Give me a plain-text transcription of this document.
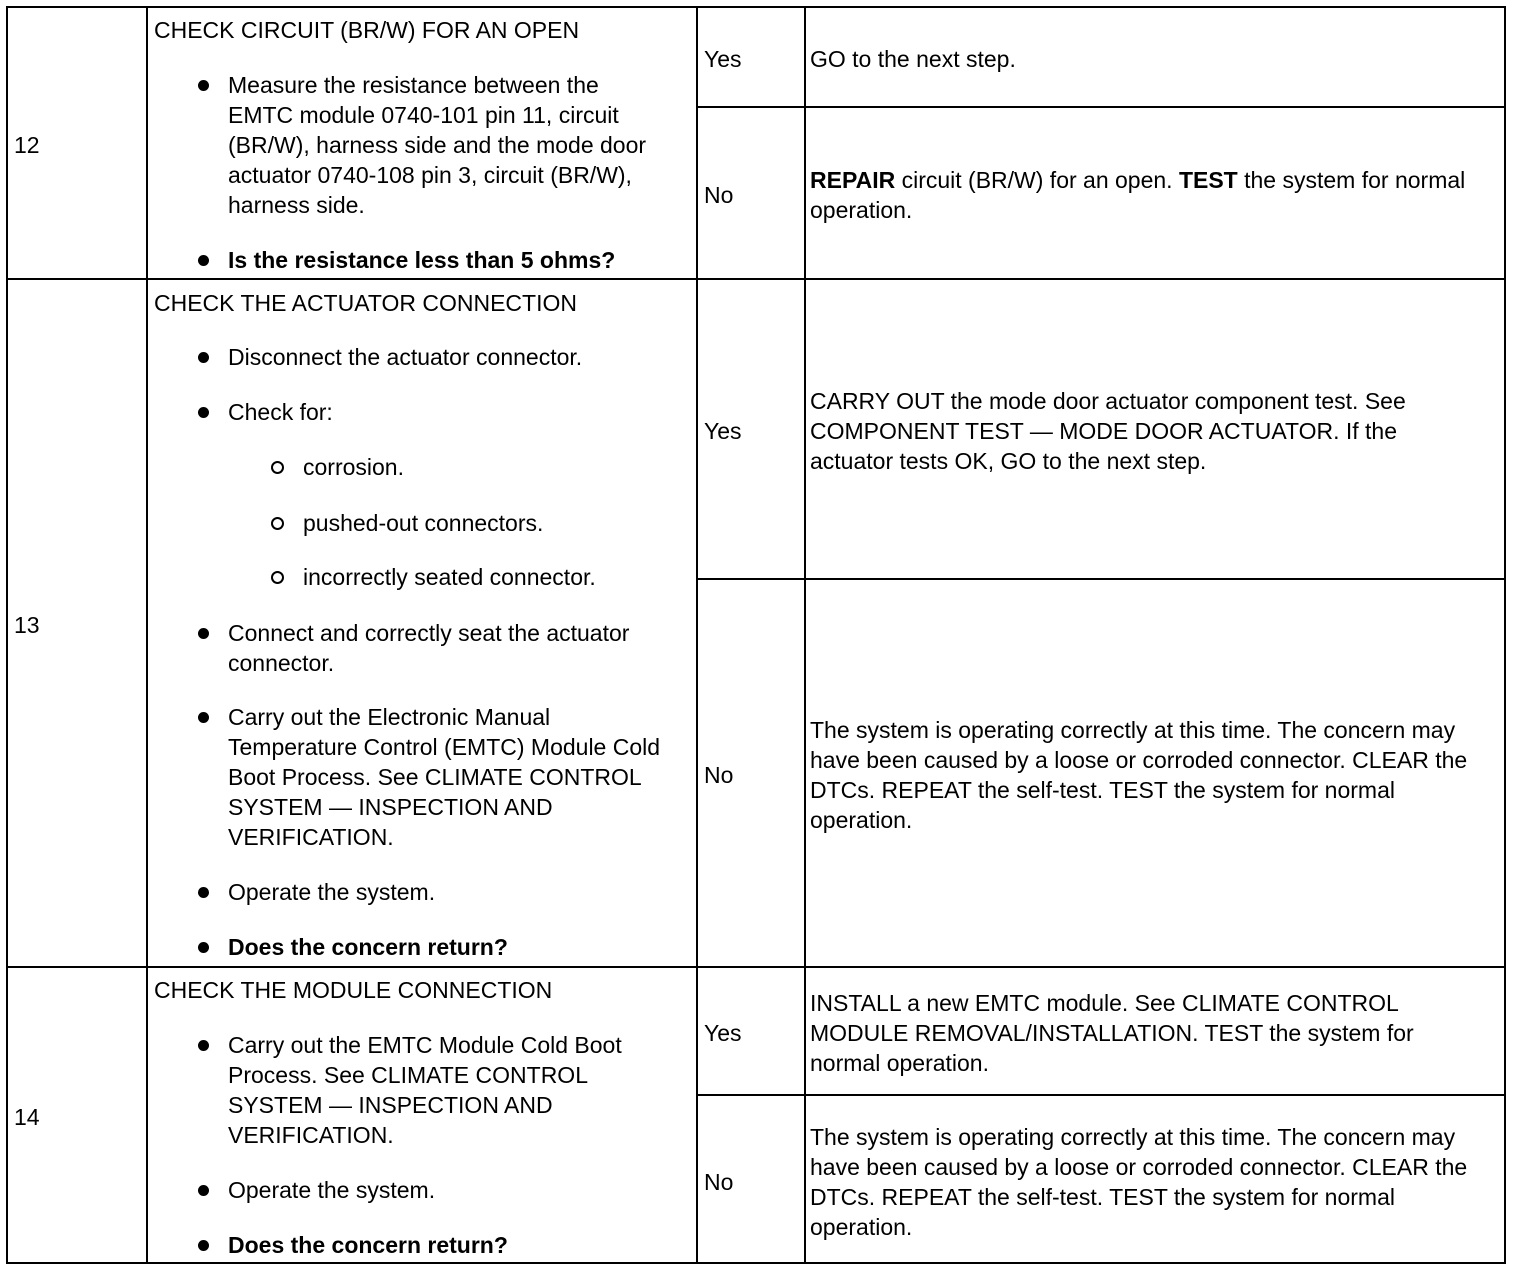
12
CHECK CIRCUIT (BR/W) FOR AN OPEN
Measure the resistance between the EMTC module 0740-101 pin 11, circuit (BR/W), harness side and the mode door actuator 0740-108 pin 3, circuit (BR/W), harness side.
Is the resistance less than 5 ohms?
Yes	GO to the next step.
No
REPAIR circuit (BR/W) for an open. TEST the system for normal operation.
13
CHECK THE ACTUATOR CONNECTION
Disconnect the actuator connector.
Check for:
corrosion.
pushed-out connectors.
incorrectly seated connector.
Connect and correctly seat the actuator connector.
Carry out the Electronic Manual Temperature Control (EMTC) Module Cold Boot Process. See CLIMATE CONTROL SYSTEM — INSPECTION AND VERIFICATION.
Operate the system.
Does the concern return?
Yes
CARRY OUT the mode door actuator component test. See COMPONENT TEST — MODE DOOR ACTUATOR. If the actuator tests OK, GO to the next step.
No
The system is operating correctly at this time. The concern may have been caused by a loose or corroded connector. CLEAR the DTCs. REPEAT the self-test. TEST the system for normal operation.
14
CHECK THE MODULE CONNECTION
Carry out the EMTC Module Cold Boot Process. See CLIMATE CONTROL SYSTEM — INSPECTION AND VERIFICATION.
Operate the system.
Does the concern return?
Yes
INSTALL a new EMTC module. See CLIMATE CONTROL MODULE REMOVAL/INSTALLATION. TEST the system for normal operation.
No
The system is operating correctly at this time. The concern may have been caused by a loose or corroded connector. CLEAR the DTCs. REPEAT the self-test. TEST the system for normal operation.
